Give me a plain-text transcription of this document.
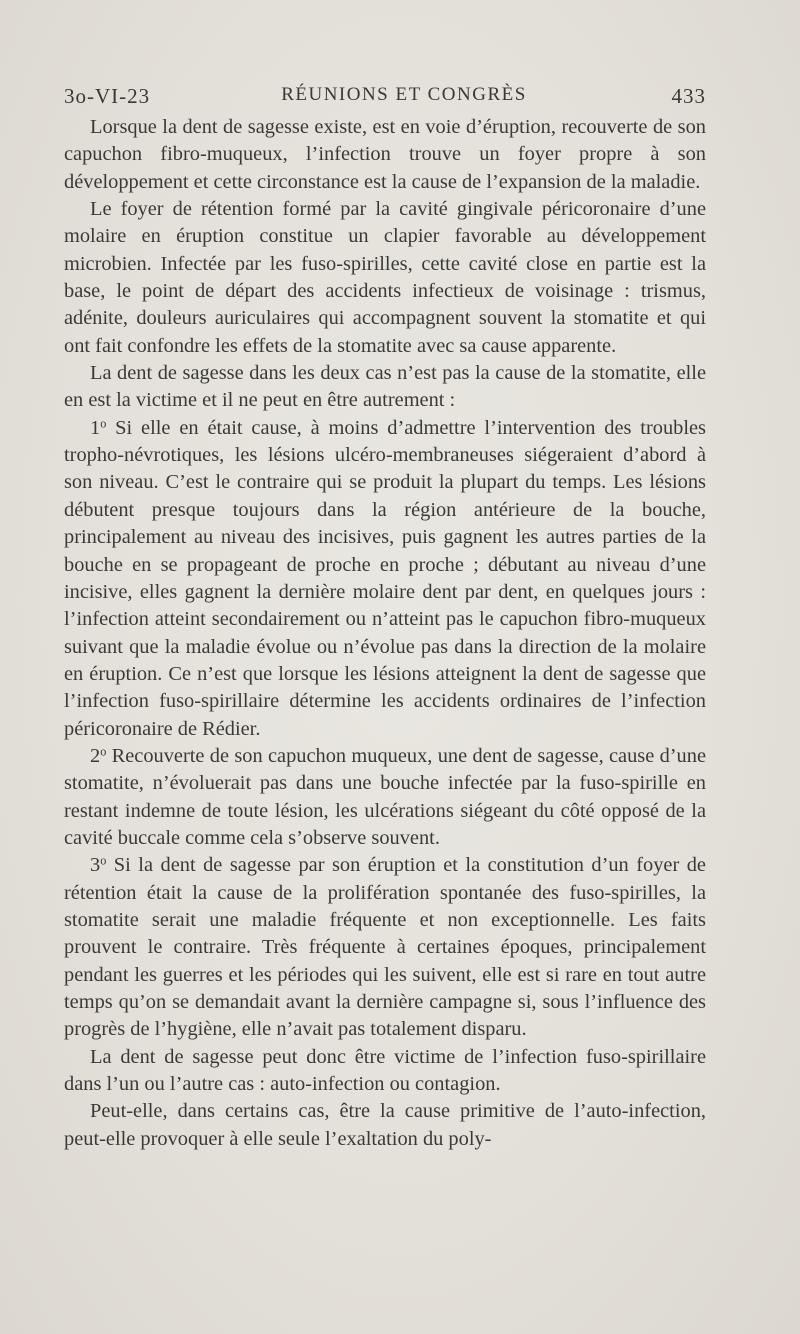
3o-VI-23	RÉUNIONS ET CONGRÈS	433

Lorsque la dent de sagesse existe, est en voie d’éruption, recouverte de son capuchon fibro-muqueux, l’infection trouve un foyer propre à son développement et cette circonstance est la cause de l’expansion de la maladie.

Le foyer de rétention formé par la cavité gingivale péricoronaire d’une molaire en éruption constitue un clapier favorable au développement microbien. Infectée par les fuso-spirilles, cette cavité close en partie est la base, le point de départ des accidents infectieux de voisinage : trismus, adénite, douleurs auriculaires qui accompagnent souvent la stomatite et qui ont fait confondre les effets de la stomatite avec sa cause apparente.

La dent de sagesse dans les deux cas n’est pas la cause de la stomatite, elle en est la victime et il ne peut en être autrement :

1$^o$ Si elle en était cause, à moins d’admettre l’intervention des troubles tropho-névrotiques, les lésions ulcéro-membraneuses siégeraient d’abord à son niveau. C’est le contraire qui se produit la plupart du temps. Les lésions débutent presque toujours dans la région antérieure de la bouche, principalement au niveau des incisives, puis gagnent les autres parties de la bouche en se propageant de proche en proche ; débutant au niveau d’une incisive, elles gagnent la dernière molaire dent par dent, en quelques jours : l’infection atteint secondairement ou n’atteint pas le capuchon fibro-muqueux suivant que la maladie évolue ou n’évolue pas dans la direction de la molaire en éruption. Ce n’est que lorsque les lésions atteignent la dent de sagesse que l’infection fuso-spirillaire détermine les accidents ordinaires de l’infection péricoronaire de Rédier.

2$^o$ Recouverte de son capuchon muqueux, une dent de sagesse, cause d’une stomatite, n’évoluerait pas dans une bouche infectée par la fuso-spirille en restant indemne de toute lésion, les ulcérations siégeant du côté opposé de la cavité buccale comme cela s’observe souvent.

3$^o$ Si la dent de sagesse par son éruption et la constitution d’un foyer de rétention était la cause de la prolifération spontanée des fuso-spirilles, la stomatite serait une maladie fréquente et non exceptionnelle. Les faits prouvent le contraire. Très fréquente à certaines époques, principalement pendant les guerres et les périodes qui les suivent, elle est si rare en tout autre temps qu’on se demandait avant la dernière campagne si, sous l’influence des progrès de l’hygiène, elle n’avait pas totalement disparu.

La dent de sagesse peut donc être victime de l’infection fuso-spirillaire dans l’un ou l’autre cas : auto-infection ou contagion.

Peut-elle, dans certains cas, être la cause primitive de l’auto-infection, peut-elle provoquer à elle seule l’exaltation du poly-
